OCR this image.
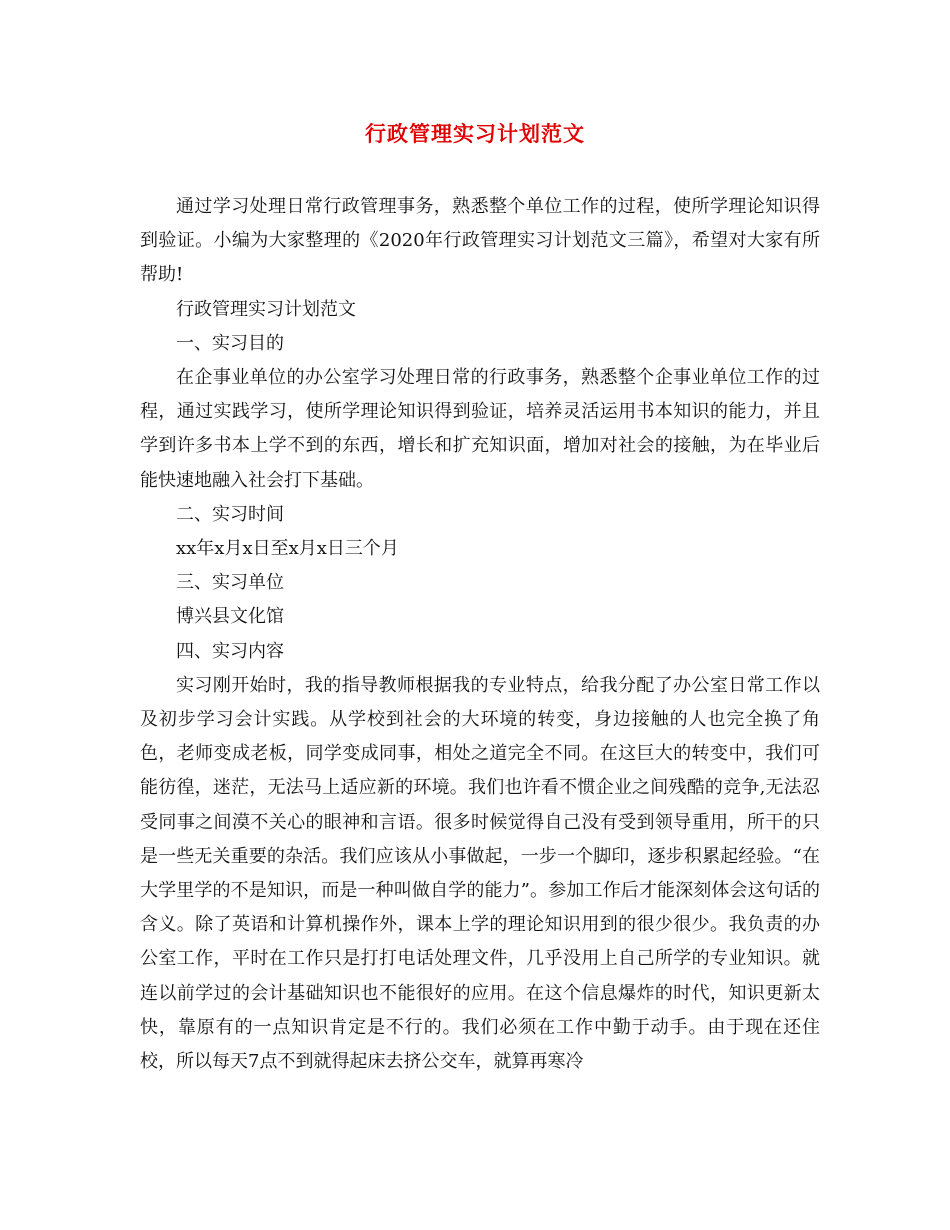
行政管理实习计划范文

通过学习处理日常行政管理事务，熟悉整个单位工作的过程，使所学理论知识得到验证。小编为大家整理的《2020年行政管理实习计划范文三篇》，希望对大家有所帮助!

行政管理实习计划范文

一、实习目的

在企事业单位的办公室学习处理日常的行政事务，熟悉整个企事业单位工作的过程，通过实践学习，使所学理论知识得到验证，培养灵活运用书本知识的能力，并且学到许多书本上学不到的东西，增长和扩充知识面，增加对社会的接触，为在毕业后能快速地融入社会打下基础。

二、实习时间

xx年x月x日至x月x日三个月

三、实习单位

博兴县文化馆

四、实习内容

实习刚开始时，我的指导教师根据我的专业特点，给我分配了办公室日常工作以及初步学习会计实践。从学校到社会的大环境的转变，身边接触的人也完全换了角色，老师变成老板，同学变成同事，相处之道完全不同。在这巨大的转变中，我们可能彷徨，迷茫，无法马上适应新的环境。我们也许看不惯企业之间残酷的竞争,无法忍受同事之间漠不关心的眼神和言语。很多时候觉得自己没有受到领导重用，所干的只是一些无关重要的杂活。我们应该从小事做起，一步一个脚印，逐步积累起经验。“在大学里学的不是知识，而是一种叫做自学的能力”。参加工作后才能深刻体会这句话的含义。除了英语和计算机操作外，课本上学的理论知识用到的很少很少。我负责的办公室工作，平时在工作只是打打电话处理文件，几乎没用上自己所学的专业知识。就连以前学过的会计基础知识也不能很好的应用。在这个信息爆炸的时代，知识更新太快，靠原有的一点知识肯定是不行的。我们必须在工作中勤于动手。由于现在还住校，所以每天7点不到就得起床去挤公交车，就算再寒冷
